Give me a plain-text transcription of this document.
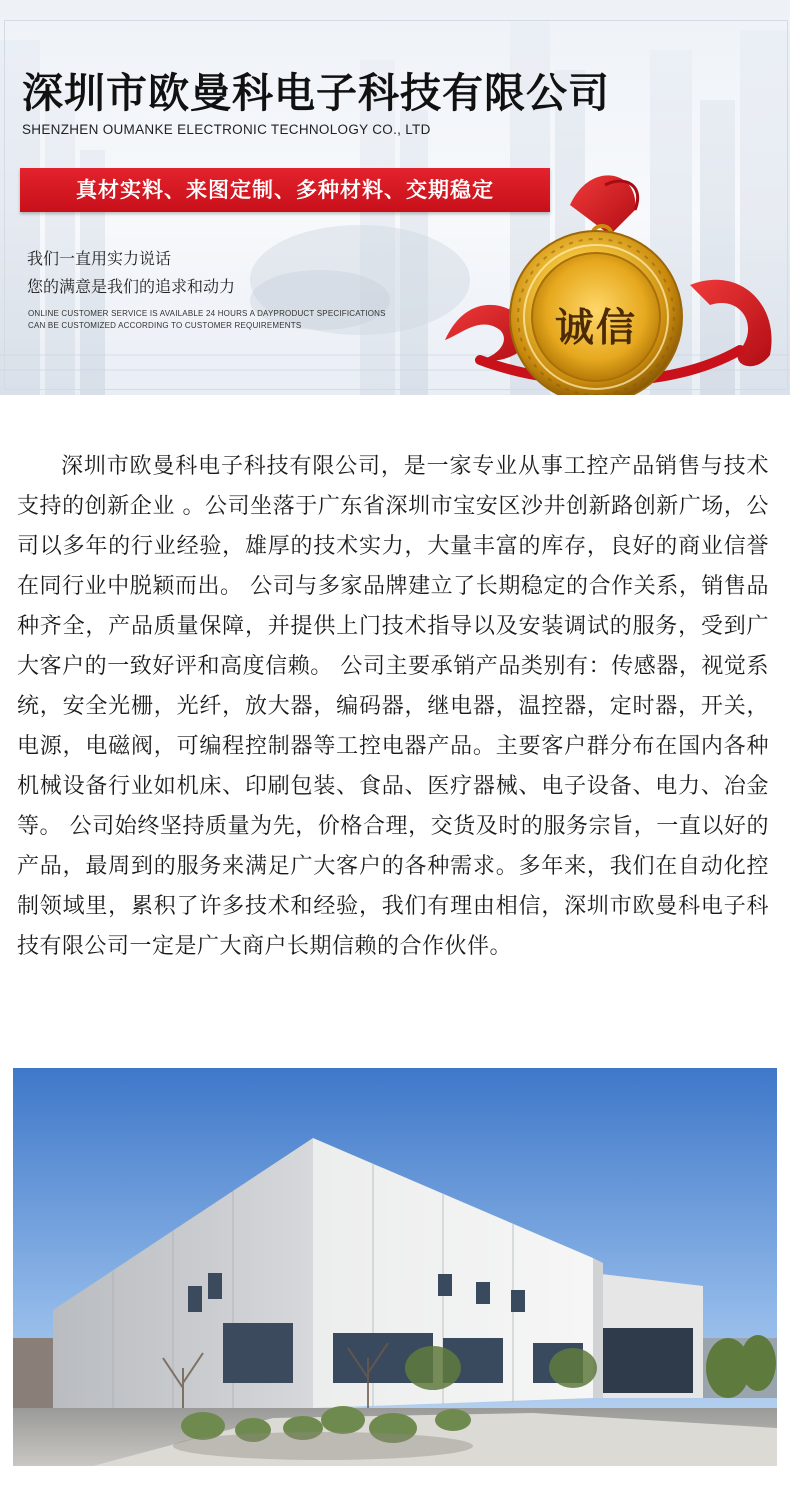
深圳市欧曼科电子科技有限公司
SHENZHEN OUMANKE ELECTRONIC TECHNOLOGY CO., LTD
真材实料、来图定制、多种材料、交期稳定
我们一直用实力说话
您的满意是我们的追求和动力
ONLINE CUSTOMER SERVICE IS AVAILABLE 24 HOURS A DAYPRODUCT SPECIFICATIONS
CAN BE CUSTOMIZED ACCORDING TO CUSTOMER REQUIREMENTS	诚信

深圳市欧曼科电子科技有限公司，是一家专业从事工控产品销售与技术支持的创新企业 。公司坐落于广东省深圳市宝安区沙井创新路创新广场，公司以多年的行业经验，雄厚的技术实力，大量丰富的库存，良好的商业信誉在同行业中脱颖而出。 公司与多家品牌建立了长期稳定的合作关系，销售品种齐全，产品质量保障，并提供上门技术指导以及安装调试的服务，受到广大客户的一致好评和高度信赖。 公司主要承销产品类别有：传感器，视觉系统，安全光栅，光纤，放大器，编码器，继电器，温控器，定时器，开关，电源，电磁阀，可编程控制器等工控电器产品。主要客户群分布在国内各种机械设备行业如机床、印刷包装、食品、医疗器械、电子设备、电力、冶金等。 公司始终坚持质量为先，价格合理，交货及时的服务宗旨，一直以好的产品，最周到的服务来满足广大客户的各种需求。多年来，我们在自动化控制领域里，累积了许多技术和经验，我们有理由相信，深圳市欧曼科电子科技有限公司一定是广大商户长期信赖的合作伙伴。
